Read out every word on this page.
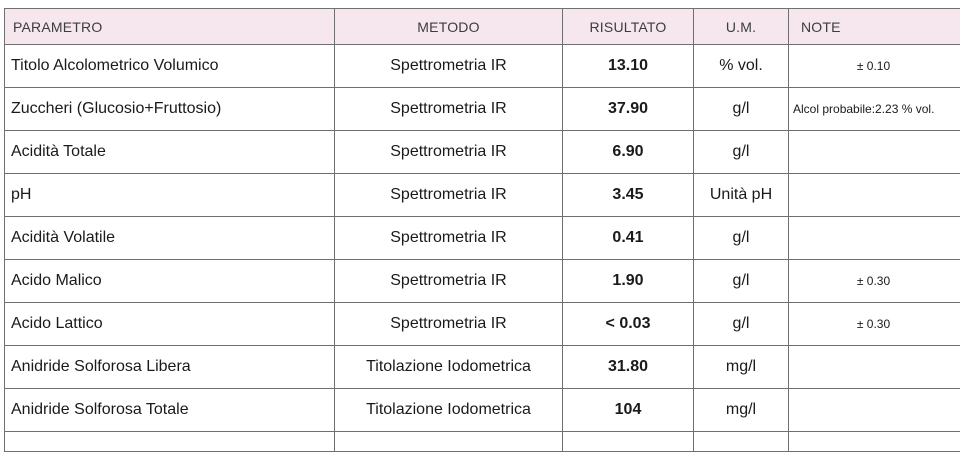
PARAMETRO	METODO	RISULTATO	U.M.	NOTE
Titolo Alcolometrico Volumico	Spettrometria IR	13.10	% vol.	± 0.10
Zuccheri (Glucosio+Fruttosio)	Spettrometria IR	37.90	g/l	Alcol probabile:2.23 % vol.
Acidità Totale	Spettrometria IR	6.90	g/l	
pH	Spettrometria IR	3.45	Unità pH	
Acidità Volatile	Spettrometria IR	0.41	g/l	
Acido Malico	Spettrometria IR	1.90	g/l	± 0.30
Acido Lattico	Spettrometria IR	< 0.03	g/l	± 0.30
Anidride Solforosa Libera	Titolazione Iodometrica	31.80	mg/l	
Anidride Solforosa Totale	Titolazione Iodometrica	104	mg/l	
